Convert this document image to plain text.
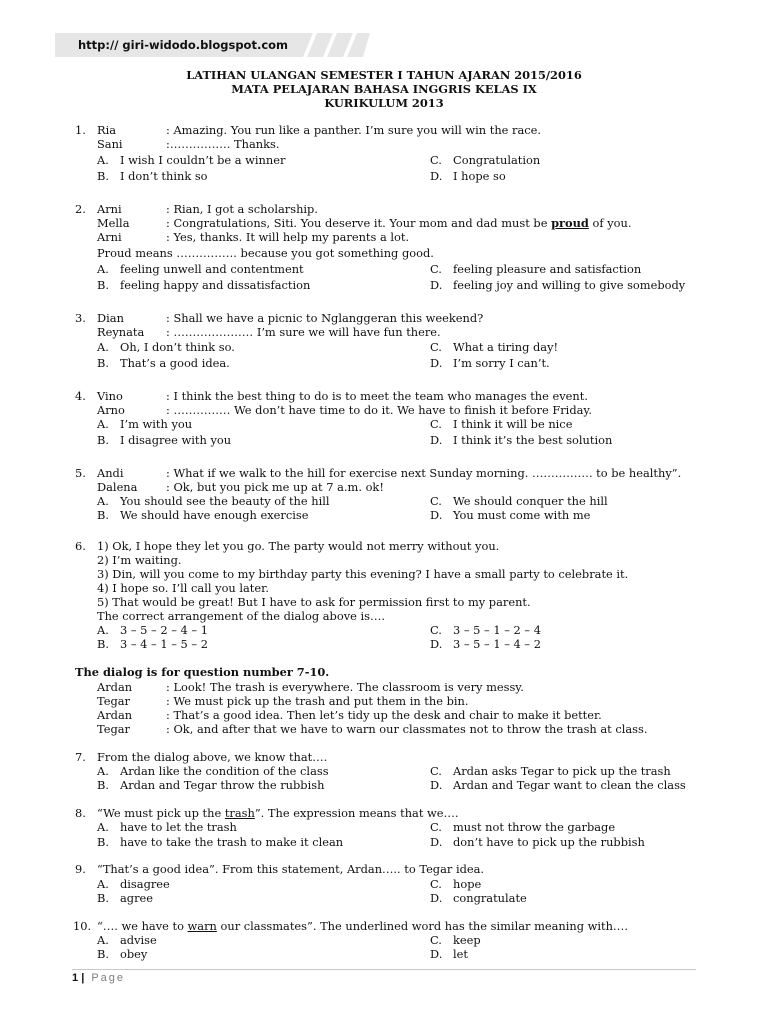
http:// giri-widodo.blogspot.com
LATIHAN ULANGAN SEMESTER I TAHUN AJARAN 2015/2016
MATA PELAJARAN BAHASA INGGRIS KELAS IX
KURIKULUM 2013
1. Ria	: Amazing. You run like a panther. I’m sure you will win the race.
Sani	:……………. Thanks.
A. I wish I couldn’t be a winner	C. Congratulation
B. I don’t think so	D. I hope so
2. Arni	: Rian, I got a scholarship.
Mella	: Congratulations, Siti. You deserve it. Your mom and dad must be proud of you.
Arni	: Yes, thanks. It will help my parents a lot.
Proud means ……………. because you got something good.
A. feeling unwell and contentment	C. feeling pleasure and satisfaction
B. feeling happy and dissatisfaction	D. feeling joy and willing to give somebody
3. Dian	: Shall we have a picnic to Nglanggeran this weekend?
Reynata : ………………… I’m sure we will have fun there.
A. Oh, I don’t think so.	C. What a tiring day!
B. That’s a good idea.	D. I’m sorry I can’t.
4. Vino	: I think the best thing to do is to meet the team who manages the event.
Arno	: …………… We don’t have time to do it. We have to finish it before Friday.
A. I’m with you	C. I think it will be nice
B. I disagree with you	D. I think it’s the best solution
5. Andi	: What if we walk to the hill for exercise next Sunday morning. ……………. to be healthy”.
Dalena	: Ok, but you pick me up at 7 a.m. ok!
A. You should see the beauty of the hill	C. We should conquer the hill
B. We should have enough exercise	D. You must come with me
6. 1) Ok, I hope they let you go. The party would not merry without you.
2) I’m waiting.
3) Din, will you come to my birthday party this evening? I have a small party to celebrate it.
4) I hope so. I’ll call you later.
5) That would be great! But I have to ask for permission first to my parent.
The correct arrangement of the dialog above is….
A. 3 – 5 – 2 – 4 – 1	C. 3 – 5 – 1 – 2 – 4
B. 3 – 4 – 1 – 5 – 2	D. 3 – 5 – 1 – 4 – 2
The dialog is for question number 7-10.
Ardan	: Look! The trash is everywhere. The classroom is very messy.
Tegar	: We must pick up the trash and put them in the bin.
Ardan	: That’s a good idea. Then let’s tidy up the desk and chair to make it better.
Tegar	: Ok, and after that we have to warn our classmates not to throw the trash at class.
7. From the dialog above, we know that….
A. Ardan like the condition of the class	C. Ardan asks Tegar to pick up the trash
B. Ardan and Tegar throw the rubbish	D. Ardan and Tegar want to clean the class
8. “We must pick up the trash”. The expression means that we….
A. have to let the trash	C. must not throw the garbage
B. have to take the trash to make it clean	D. don’t have to pick up the rubbish
9. “That’s a good idea”. From this statement, Ardan….. to Tegar idea.
A. disagree	C. hope
B. agree	D. congratulate
10. “…. we have to warn our classmates”. The underlined word has the similar meaning with….
A. advise	C. keep
B. obey	D. let
1 | Page
